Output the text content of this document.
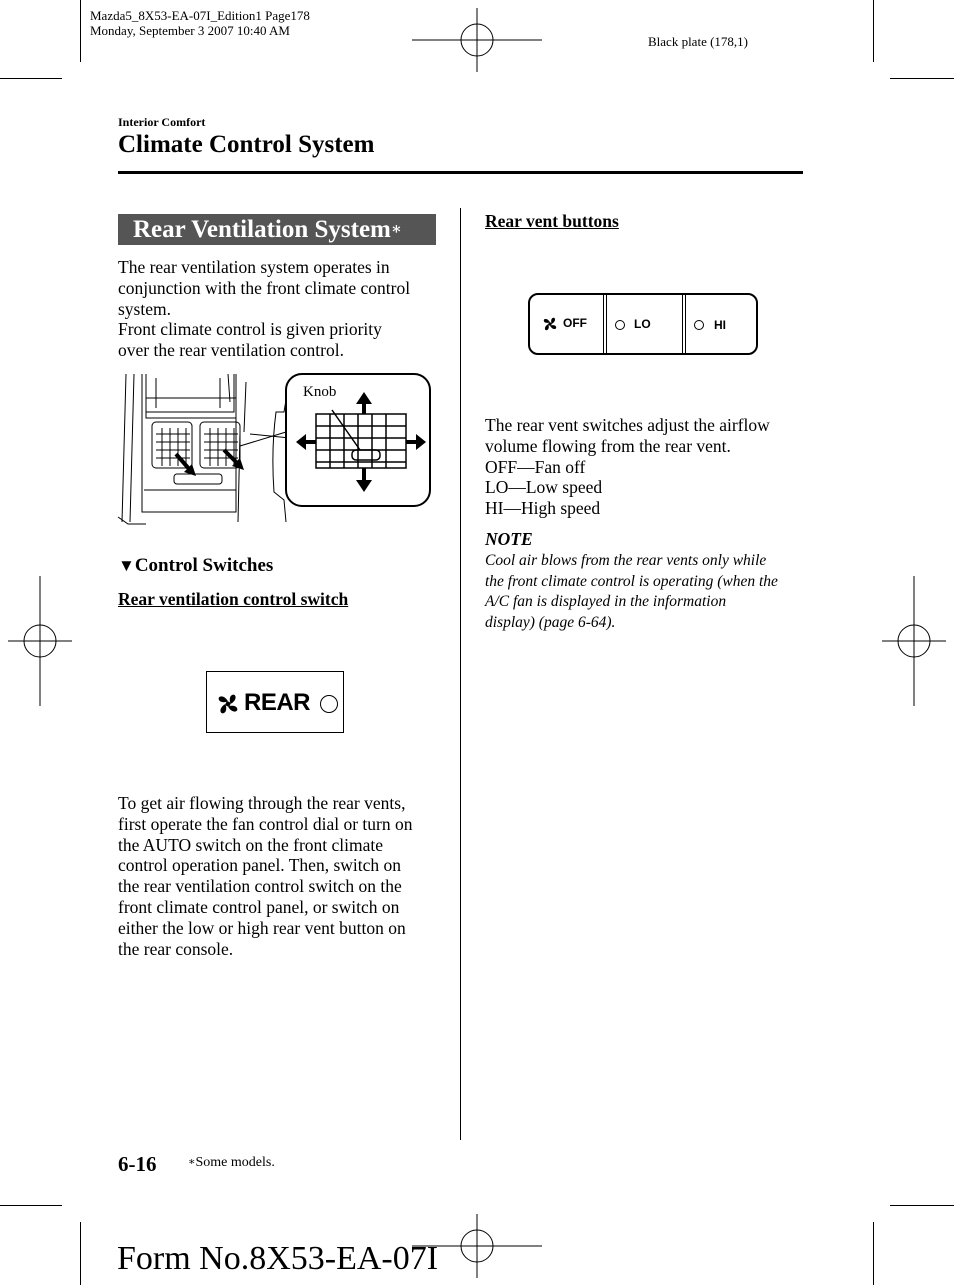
Mazda5_8X53-EA-07I_Edition1 Page178
Monday, September 3 2007 10:40 AM
Black plate (178,1)
Interior Comfort
Climate Control System
Rear Ventilation System∗

The rear ventilation system operates in

conjunction with the front climate control

system.

Front climate control is given priority

over the rear ventilation control.

Knob
▼Control Switches
Rear ventilation control switch
REAR

To get air flowing through the rear vents,

first operate the fan control dial or turn on

the AUTO switch on the front climate

control operation panel. Then, switch on

the rear ventilation control switch on the

front climate control panel, or switch on

either the low or high rear vent button on

the rear console.

Rear vent buttons
OFF	LO	HI

The rear vent switches adjust the airflow

volume flowing from the rear vent.

OFF—Fan off

LO—Low speed

HI—High speed

NOTE

Cool air blows from the rear vents only while

the front climate control is operating (when the

A/C fan is displayed in the information

display) (page 6-64).

6-16	∗Some models.
Form No.8X53-EA-07I
